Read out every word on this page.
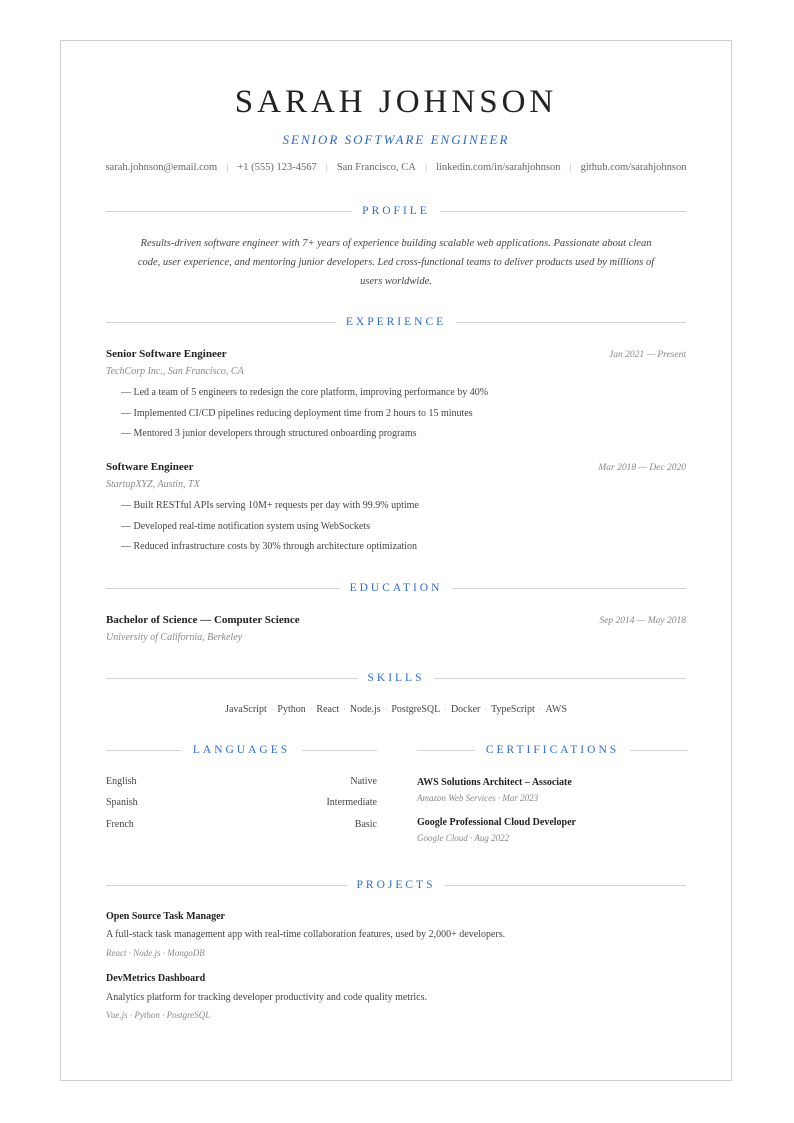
SARAH JOHNSON
SENIOR SOFTWARE ENGINEER
sarah.johnson@email.com | +1 (555) 123-4567 | San Francisco, CA | linkedin.com/in/sarahjohnson | github.com/sarahjohnson
PROFILE
Results-driven software engineer with 7+ years of experience building scalable web applications. Passionate about clean
code, user experience, and mentoring junior developers. Led cross-functional teams to deliver products used by millions of
users worldwide.
EXPERIENCE
Senior Software Engineer	Jan 2021 — Present
TechCorp Inc., San Francisco, CA
— Led a team of 5 engineers to redesign the core platform, improving performance by 40%
— Implemented CI/CD pipelines reducing deployment time from 2 hours to 15 minutes
— Mentored 3 junior developers through structured onboarding programs
Software Engineer	Mar 2018 — Dec 2020
StartupXYZ, Austin, TX
— Built RESTful APIs serving 10M+ requests per day with 99.9% uptime
— Developed real-time notification system using WebSockets
— Reduced infrastructure costs by 30% through architecture optimization
EDUCATION
Bachelor of Science — Computer Science	Sep 2014 — May 2018
University of California, Berkeley
SKILLS
JavaScript · Python · React · Node.js · PostgreSQL · Docker · TypeScript · AWS
LANGUAGES
English	Native
Spanish	Intermediate
French	Basic
CERTIFICATIONS
AWS Solutions Architect – Associate
Amazon Web Services · Mar 2023
Google Professional Cloud Developer
Google Cloud · Aug 2022
PROJECTS
Open Source Task Manager
A full-stack task management app with real-time collaboration features, used by 2,000+ developers.
React · Node.js · MongoDB
DevMetrics Dashboard
Analytics platform for tracking developer productivity and code quality metrics.
Vue.js · Python · PostgreSQL
